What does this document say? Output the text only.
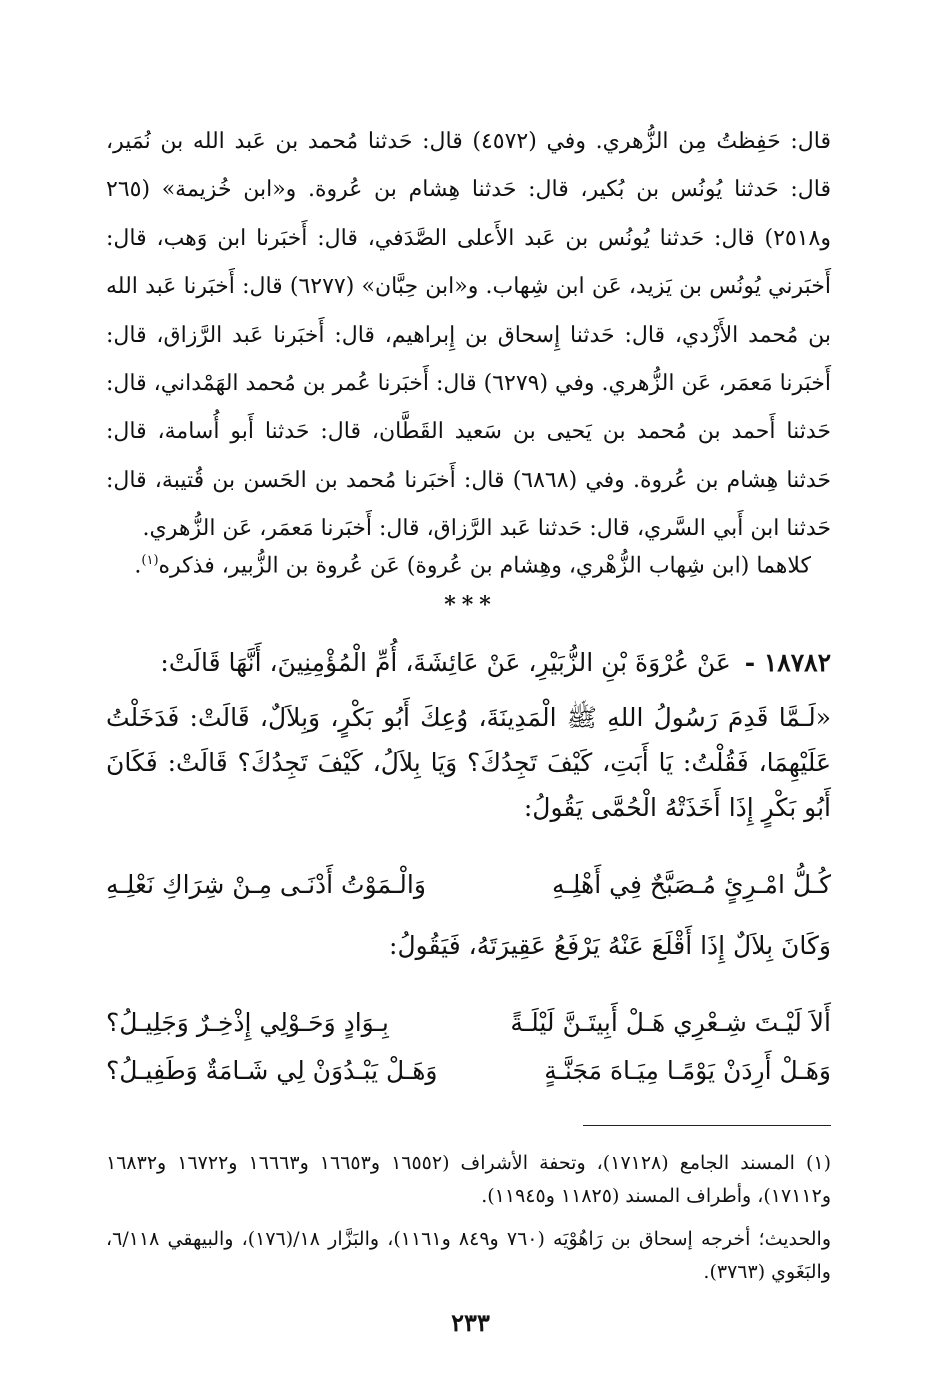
قال: حَفِظتُ مِن الزُّهري. وفي (٤٥٧٢) قال: حَدثنا مُحمد بن عَبد الله بن نُمَير، قال: حَدثنا يُونُس بن بُكير، قال: حَدثنا هِشام بن عُروة. و«ابن خُزيمة» (٢٦٥ و٢٥١٨) قال: حَدثنا يُونُس بن عَبد الأَعلى الصَّدَفي، قال: أَخبَرنا ابن وَهب، قال: أَخبَرني يُونُس بن يَزيد، عَن ابن شِهاب. و«ابن حِبَّان» (٦٢٧٧) قال: أَخبَرنا عَبد الله بن مُحمد الأَزْدي، قال: حَدثنا إِسحاق بن إِبراهيم، قال: أَخبَرنا عَبد الرَّزاق، قال: أَخبَرنا مَعمَر، عَن الزُّهري. وفي (٦٢٧٩) قال: أَخبَرنا عُمر بن مُحمد الهَمْداني، قال: حَدثنا أَحمد بن مُحمد بن يَحيى بن سَعيد القَطَّان، قال: حَدثنا أَبو أُسامة، قال: حَدثنا هِشام بن عُروة. وفي (٦٨٦٨) قال: أَخبَرنا مُحمد بن الحَسن بن قُتيبة، قال: حَدثنا ابن أَبي السَّري، قال: حَدثنا عَبد الرَّزاق، قال: أَخبَرنا مَعمَر، عَن الزُّهري.

كلاهما (ابن شِهاب الزُّهْري، وهِشام بن عُروة) عَن عُروة بن الزُّبير، فذكره$^{(١)}$.

***

١٨٧٨٢ - عَنْ عُرْوَةَ بْنِ الزُّبَيْرِ، عَنْ عَائِشَةَ، أُمِّ الْمُؤْمِنِينَ، أَنَّهَا قَالَتْ:

«لَـمَّا قَدِمَ رَسُولُ اللهِ ﷺ الْمَدِينَةَ، وُعِكَ أَبُو بَكْرٍ، وَبِلاَلٌ، قَالَتْ: فَدَخَلْتُ عَلَيْهِمَا، فَقُلْتُ: يَا أَبَتِ، كَيْفَ تَجِدُكَ؟ وَيَا بِلاَلُ، كَيْفَ تَجِدُكَ؟ قَالَتْ: فَكَانَ أَبُو بَكْرٍ إِذَا أَخَذَتْهُ الْحُمَّى يَقُولُ:

كُـلُّ امْـرِئٍ مُـصَبَّحٌ فِي أَهْلِـهِ
وَالْـمَوْتُ أَدْنَـى مِـنْ شِرَاكِ نَعْلِـهِ

وَكَانَ بِلاَلٌ إِذَا أَقْلَعَ عَنْهُ يَرْفَعُ عَقِيرَتَهُ، فَيَقُولُ:

أَلاَ لَيْـتَ شِـعْرِي هَـلْ أَبِيتَـنَّ لَيْلَـةً
بِـوَادٍ وَحَـوْلِي إِذْخِـرٌ وَجَلِيـلُ؟
وَهَـلْ أَرِدَنْ يَوْمًـا مِيَـاهَ مَجَنَّـةٍ
وَهَـلْ يَبْـدُوَنْ لِي شَـامَةٌ وَطَفِيـلُ؟

(١) المسند الجامع (١٧١٢٨)، وتحفة الأشراف (١٦٥٥٢ و١٦٦٥٣ و١٦٦٦٣ و١٦٧٢٢ و١٦٨٣٢ و١٧١١٢)، وأطراف المسند (١١٨٢٥ و١١٩٤٥).

والحديث؛ أخرجه إسحاق بن رَاهُوْيَه (٧٦٠ و٨٤٩ و١١٦١)، والبَزَّار ١٨/(١٧٦)، والبيهقي ٦/١١٨، والبَغَوي (٣٧٦٣).

٢٣٣
